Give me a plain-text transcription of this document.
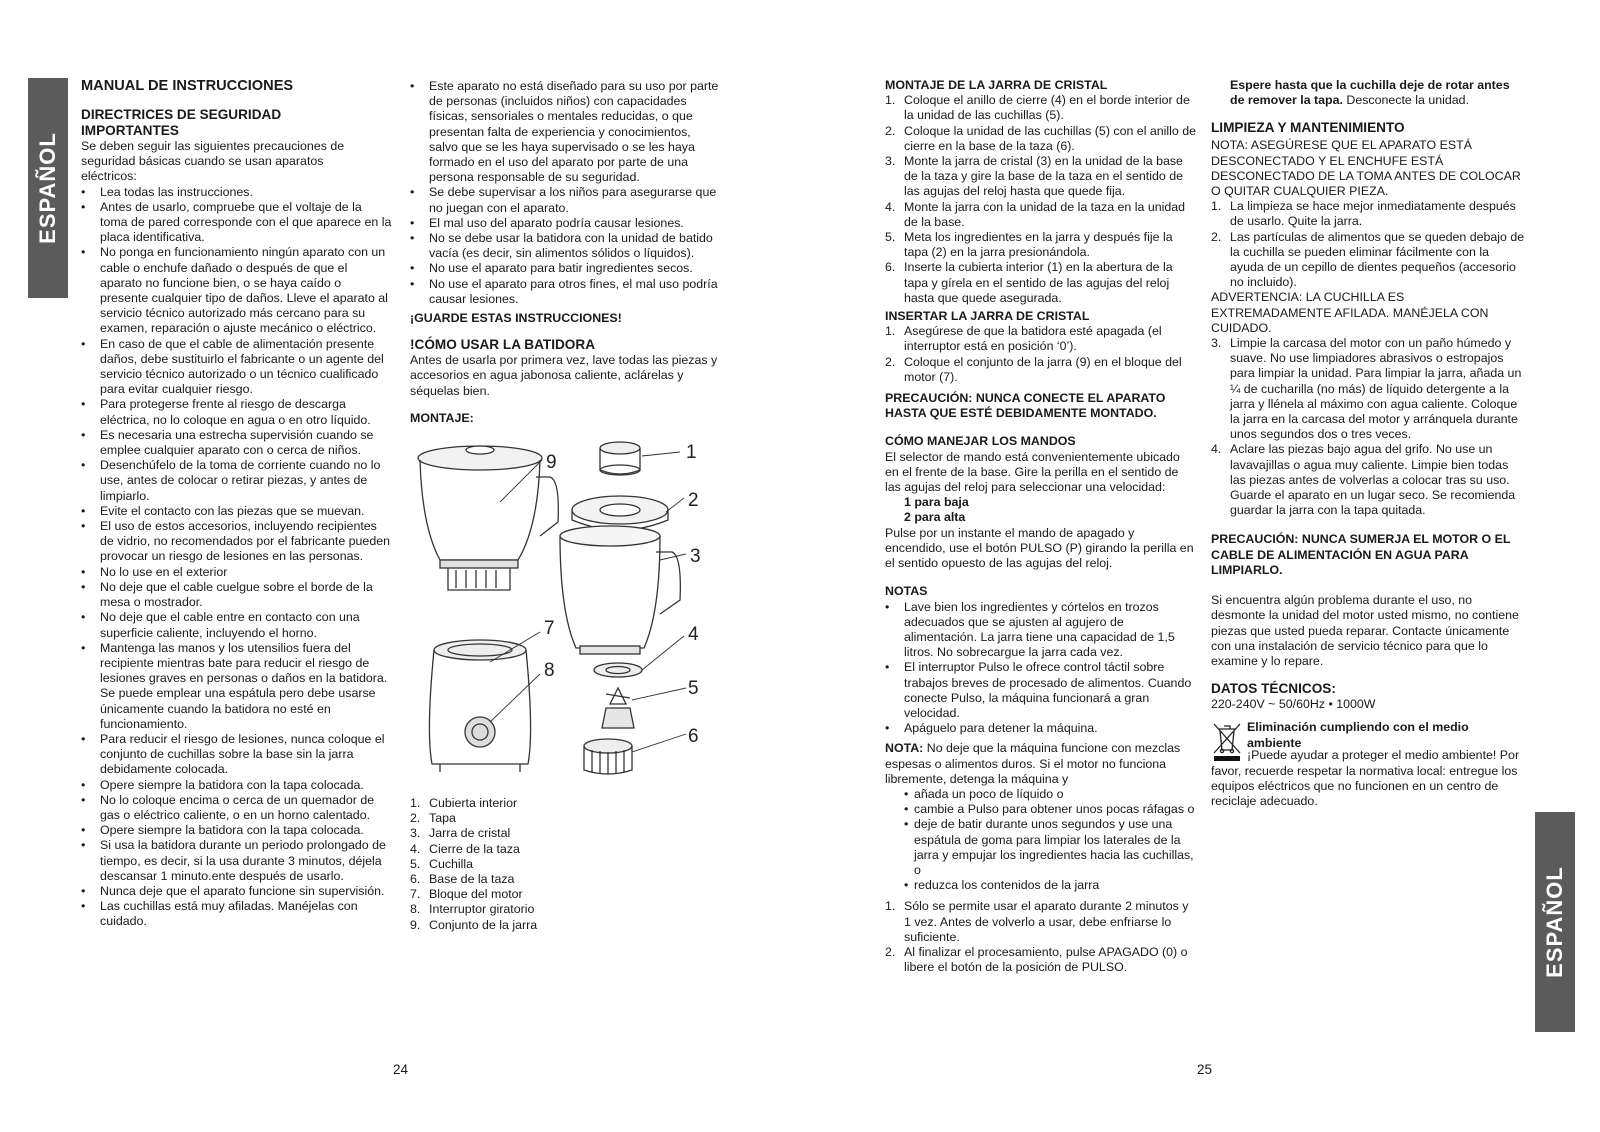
ESPAÑOL
ESPAÑOL

MANUAL DE INSTRUCCIONES

DIRECTRICES DE SEGURIDAD IMPORTANTES

Se deben seguir las siguientes precauciones de seguridad básicas cuando se usan aparatos eléctricos:

• Lea todas las instrucciones.
• Antes de usarlo, compruebe que el voltaje de la toma de pared corresponde con el que aparece en la placa identificativa.
• No ponga en funcionamiento ningún aparato con un cable o enchufe dañado o después de que el aparato no funcione bien, o se haya caído o presente cualquier tipo de daños. Lleve el aparato al servicio técnico autorizado más cercano para su examen, reparación o ajuste mecánico o eléctrico.
• En caso de que el cable de alimentación presente daños, debe sustituirlo el fabricante o un agente del servicio técnico autorizado o un técnico cualificado para evitar cualquier riesgo.
• Para protegerse frente al riesgo de descarga eléctrica, no lo coloque en agua o en otro líquido.
• Es necesaria una estrecha supervisión cuando se emplee cualquier aparato con o cerca de niños.
• Desenchúfelo de la toma de corriente cuando no lo use, antes de colocar o retirar piezas, y antes de limpiarlo.
• Evite el contacto con las piezas que se muevan.
• El uso de estos accesorios, incluyendo recipientes de vidrio, no recomendados por el fabricante pueden provocar un riesgo de lesiones en las personas.
• No lo use en el exterior
• No deje que el cable cuelgue sobre el borde de la mesa o mostrador.
• No deje que el cable entre en contacto con una superficie caliente, incluyendo el horno.
• Mantenga las manos y los utensilios fuera del recipiente mientras bate para reducir el riesgo de lesiones graves en personas o daños en la batidora. Se puede emplear una espátula pero debe usarse únicamente cuando la batidora no esté en funcionamiento.
• Para reducir el riesgo de lesiones, nunca coloque el conjunto de cuchillas sobre la base sin la jarra debidamente colocada.
• Opere siempre la batidora con la tapa colocada.
• No lo coloque encima o cerca de un quemador de gas o eléctrico caliente, o en un horno calentado.
• Opere siempre la batidora con la tapa colocada.
• Si usa la batidora durante un periodo prolongado de tiempo, es decir, si la usa durante 3 minutos, déjela descansar 1 minuto.ente después de usarlo.
• Nunca deje que el aparato funcione sin supervisión.
• Las cuchillas está muy afiladas. Manéjelas con cuidado.
• Este aparato no está diseñado para su uso por parte de personas (incluidos niños) con capacidades físicas, sensoriales o mentales reducidas, o que presentan falta de experiencia y conocimientos, salvo que se les haya supervisado o se les haya formado en el uso del aparato por parte de una persona responsable de su seguridad.
• Se debe supervisar a los niños para asegurarse que no juegan con el aparato.
• El mal uso del aparato podría causar lesiones.
• No se debe usar la batidora con la unidad de batido vacía (es decir, sin alimentos sólidos o líquidos).
• No use el aparato para batir ingredientes secos.
• No use el aparato para otros fines, el mal uso podría causar lesiones.

¡GUARDE ESTAS INSTRUCCIONES!

!CÓMO USAR LA BATIDORA

Antes de usarla por primera vez, lave todas las piezas y accesorios en agua jabonosa caliente, aclárelas y séquelas bien.

MONTAJE:

1
2
3
4
5
6
7
8
9
1. Cubierta interior
2. Tapa
3. Jarra de cristal
4. Cierre de la taza
5. Cuchilla
6. Base de la taza
7. Bloque del motor
8. Interruptor giratorio
9. Conjunto de la jarra

MONTAJE DE LA JARRA DE CRISTAL

1. Coloque el anillo de cierre (4) en el borde interior de la unidad de las cuchillas (5).
2. Coloque la unidad de las cuchillas (5) con el anillo de cierre en la base de la taza (6).
3. Monte la jarra de cristal (3) en la unidad de la base de la taza y gire la base de la taza en el sentido de las agujas del reloj hasta que quede fija.
4. Monte la jarra con la unidad de la taza en la unidad de la base.
5. Meta los ingredientes en la jarra y después fije la tapa (2) en la jarra presionándola.
6. Inserte la cubierta interior (1) en la abertura de la tapa y gírela en el sentido de las agujas del reloj hasta que quede asegurada.

INSERTAR LA JARRA DE CRISTAL

1. Asegúrese de que la batidora esté apagada (el interruptor está en posición ‘0’).
2. Coloque el conjunto de la jarra (9) en el bloque del motor (7).

PRECAUCIÓN: NUNCA CONECTE EL APARATO HASTA QUE ESTÉ DEBIDAMENTE MONTADO.

CÓMO MANEJAR LOS MANDOS

El selector de mando está convenientemente ubicado en el frente de la base. Gire la perilla en el sentido de las agujas del reloj para seleccionar una velocidad:

1 para baja

2 para alta

Pulse por un instante el mando de apagado y encendido, use el botón PULSO (P) girando la perilla en el sentido opuesto de las agujas del reloj.

NOTAS

• Lave bien los ingredientes y córtelos en trozos adecuados que se ajusten al agujero de alimentación. La jarra tiene una capacidad de 1,5 litros. No sobrecargue la jarra cada vez.
• El interruptor Pulso le ofrece control táctil sobre trabajos breves de procesado de alimentos. Cuando conecte Pulso, la máquina funcionará a gran velocidad.
• Apáguelo para detener la máquina.

NOTA: No deje que la máquina funcione con mezclas espesas o alimentos duros. Si el motor no funciona libremente, detenga la máquina y

• añada un poco de líquido o
• cambie a Pulso para obtener unos pocas ráfagas o
• deje de batir durante unos segundos y use una espátula de goma para limpiar los laterales de la jarra y empujar los ingredientes hacia las cuchillas, o
• reduzca los contenidos de la jarra
1. Sólo se permite usar el aparato durante 2 minutos y 1 vez. Antes de volverlo a usar, debe enfriarse lo suficiente.
2. Al finalizar el procesamiento, pulse APAGADO (0) o libere el botón de la posición de PULSO.

Espere hasta que la cuchilla deje de rotar antes de remover la tapa. Desconecte la unidad.

LIMPIEZA Y MANTENIMIENTO

NOTA: ASEGÚRESE QUE EL APARATO ESTÁ DESCONECTADO Y EL ENCHUFE ESTÁ DESCONECTADO DE LA TOMA ANTES DE COLOCAR O QUITAR CUALQUIER PIEZA.

1. La limpieza se hace mejor inmediatamente después de usarlo. Quite la jarra.
2. Las partículas de alimentos que se queden debajo de la cuchilla se pueden eliminar fácilmente con la ayuda de un cepillo de dientes pequeños (accesorio no incluido).

ADVERTENCIA: LA CUCHILLA ES EXTREMADAMENTE AFILADA. MANÉJELA CON CUIDADO.

3. Limpie la carcasa del motor con un paño húmedo y suave. No use limpiadores abrasivos o estropajos para limpiar la unidad. Para limpiar la jarra, añada un ¼ de cucharilla (no más) de líquido detergente a la jarra y llénela al máximo con agua caliente. Coloque la jarra en la carcasa del motor y arránquela durante unos segundos dos o tres veces.
4. Aclare las piezas bajo agua del grifo. No use un lavavajillas o agua muy caliente. Limpie bien todas las piezas antes de volverlas a colocar tras su uso. Guarde el aparato en un lugar seco. Se recomienda guardar la jarra con la tapa quitada.

PRECAUCIÓN: NUNCA SUMERJA EL MOTOR O EL CABLE DE ALIMENTACIÓN EN AGUA PARA LIMPIARLO.

Si encuentra algún problema durante el uso, no desmonte la unidad del motor usted mismo, no contiene piezas que usted pueda reparar. Contacte únicamente con una instalación de servicio técnico para que lo examine y lo repare.

DATOS TÉCNICOS:

220-240V ~ 50/60Hz • 1000W

Eliminación cumpliendo con el medio ambiente

¡Puede ayudar a proteger el medio ambiente! Por favor, recuerde respetar la normativa local: entregue los equipos eléctricos que no funcionen en un centro de reciclaje adecuado.

24	25
